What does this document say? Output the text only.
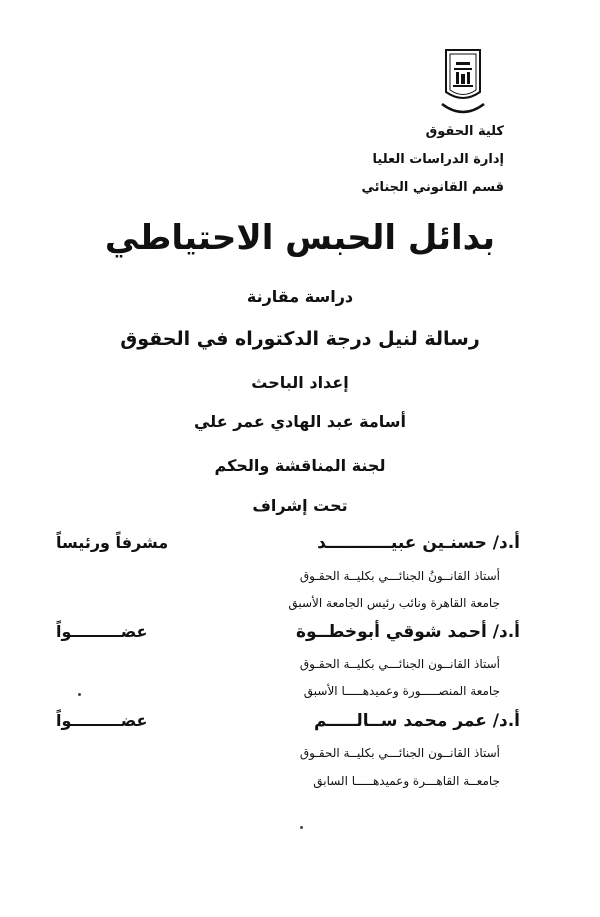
كلية الحقوق
إدارة الدراسات العليا
قسم القانوني الجنائي
بدائل الحبس الاحتياطي
دراسة مقارنة
رسالة لنيل درجة الدكتوراه في الحقوق
إعداد الباحث
أسامة عبد الهادي عمر علي
لجنة المناقشة والحكم
تحت إشراف
أ.د/ حسنـين عبيـــــــــــد
مشرفاً ورئيساً
أستاذ القانــونُ الجنائـــي بكليــة الحقـوق
جامعة القاهرة ونائب رئيس الجامعة الأسبق
أ.د/ أحمد شوقي أبوخطــوة
عضـــــــــواً
أستاذ القانــون الجنائـــي بكليــة الحقـوق
جامعة المنصـــــورة وعميدهـــــا الأسبق
أ.د/ عمر محمد ســالـــــم
عضـــــــــواً
أستاذ القانــون الجنائـــي بكليــة الحقـوق
جامعــة القاهـــرة وعميدهـــــا السابق
